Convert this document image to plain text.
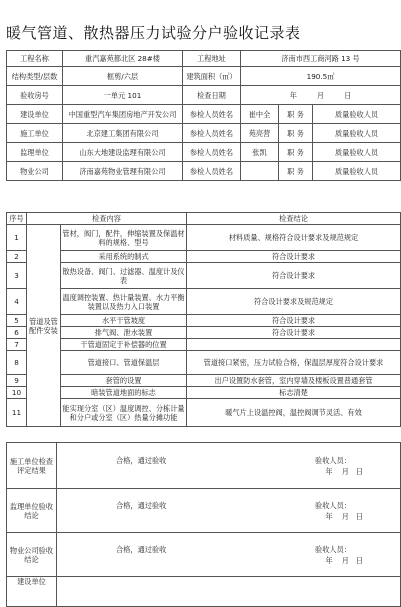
暖气管道、散热器压力试验分户验收记录表
工程名称	重汽嘉苑都北区 28#楼	工程地址	济南市西工商河路 13 号		
结构类型/层数	框剪/六层	建筑面积（㎡）	190.5㎡		
验收房号	一单元 101	检查日期	年 月 日		
建设单位	中国重型汽车集团房地产开发公司	参检人员姓名	崔中全	职 务	质量验收人员
施工单位	北京建工集团有限公司	参检人员姓名	苑亮营	职 务	质量验收人员
监理单位	山东大地建设监理有限公司	参检人员姓名	张凯	职 务	质量验收人员
物业公司	济南嘉苑物业管理有限公司	参检人员姓名		职 务	质量验收人员
序号	检查内容		检查结论
1	管道及管配件安装	管材，阀门，配件，伸缩装置及保温材料的规格、型号	材料质量、规格符合设计要求及规范规定
2		采用系统的制式	符合设计要求
3		散热设备、阀门、过滤器、温度计及仪表	符合设计要求
4		温度调控装置、热计量装置、水力平衡装置以及热力入口装置	符合设计要求及规范规定
5		水平干管坡度	符合设计要求
6		排气阀、泄水装置	符合设计要求
7		干管道固定于补偿器的位置	
8		管道接口、管道保温层	管道接口紧密，压力试验合格，保温层厚度符合设计要求
9		套管的设置	出户设置防水套管，室内穿墙及楼板设置普通套管
10		暗装管道地面的标志	标志清楚
11		能实现分室（区）温度调控、分栋计量和分户或分室（区）热量分摊功能	暖气片上设温控阀，温控阀调节灵活、有效
施工单位检查评定结果	合格，通过验收 验收人员：
年 月 日

监理单位验收结论	合格，通过验收 验收人员：
年 月 日

物业公司验收结论	合格，通过验收 验收人员：
年 月 日

建设单位	
